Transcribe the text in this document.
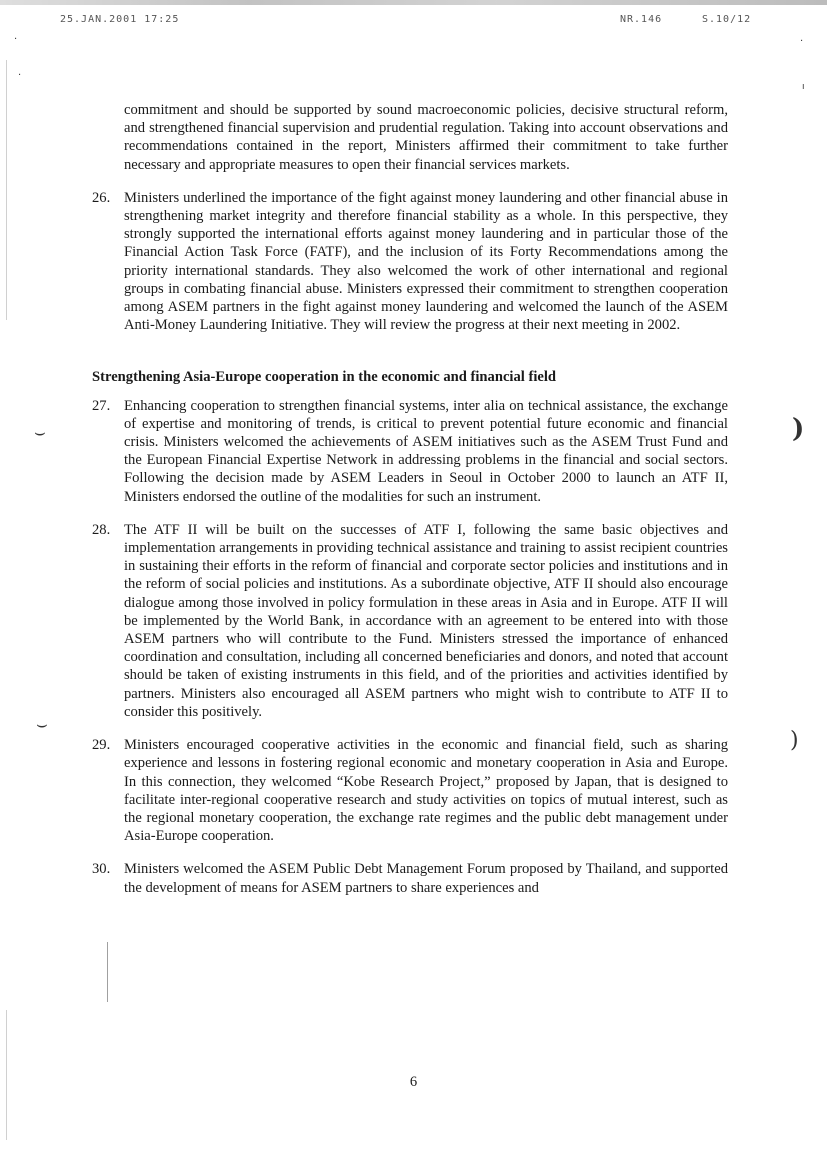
25.JAN.2001 17:25	NR.146	S.10/12
·
·
·
ı
⌣	)
⌣
)

commitment and should be supported by sound macroeconomic policies, decisive structural reform, and strengthened financial supervision and prudential regulation. Taking into account observations and recommendations contained in the report, Ministers affirmed their commitment to take further necessary and appropriate measures to open their financial services markets.

26. Ministers underlined the importance of the fight against money laundering and other financial abuse in strengthening market integrity and therefore financial stability as a whole. In this perspective, they strongly supported the international efforts against money laundering and in particular those of the Financial Action Task Force (FATF), and the inclusion of its Forty Recommendations among the priority international standards. They also welcomed the work of other international and regional groups in combating financial abuse. Ministers expressed their commitment to strengthen cooperation among ASEM partners in the fight against money laundering and welcomed the launch of the ASEM Anti-Money Laundering Initiative. They will review the progress at their next meeting in 2002.

Strengthening Asia-Europe cooperation in the economic and financial field
27. Enhancing cooperation to strengthen financial systems, inter alia on technical assistance, the exchange of expertise and monitoring of trends, is critical to prevent potential future economic and financial crisis. Ministers welcomed the achievements of ASEM initiatives such as the ASEM Trust Fund and the European Financial Expertise Network in addressing problems in the financial and social sectors. Following the decision made by ASEM Leaders in Seoul in October 2000 to launch an ATF II, Ministers endorsed the outline of the modalities for such an instrument.

28. The ATF II will be built on the successes of ATF I, following the same basic objectives and implementation arrangements in providing technical assistance and training to assist recipient countries in sustaining their efforts in the reform of financial and corporate sector policies and institutions and in the reform of social policies and institutions. As a subordinate objective, ATF II should also encourage dialogue among those involved in policy formulation in these areas in Asia and in Europe. ATF II will be implemented by the World Bank, in accordance with an agreement to be entered into with those ASEM partners who will contribute to the Fund. Ministers stressed the importance of enhanced coordination and consultation, including all concerned beneficiaries and donors, and noted that account should be taken of existing instruments in this field, and of the priorities and activities identified by partners. Ministers also encouraged all ASEM partners who might wish to contribute to ATF II to consider this positively.

29. Ministers encouraged cooperative activities in the economic and financial field, such as sharing experience and lessons in fostering regional economic and monetary cooperation in Asia and Europe. In this connection, they welcomed “Kobe Research Project,” proposed by Japan, that is designed to facilitate inter-regional cooperative research and study activities on topics of mutual interest, such as the regional monetary cooperation, the exchange rate regimes and the public debt management under Asia-Europe cooperation.

30. Ministers welcomed the ASEM Public Debt Management Forum proposed by Thailand, and supported the development of means for ASEM partners to share experiences and

6
